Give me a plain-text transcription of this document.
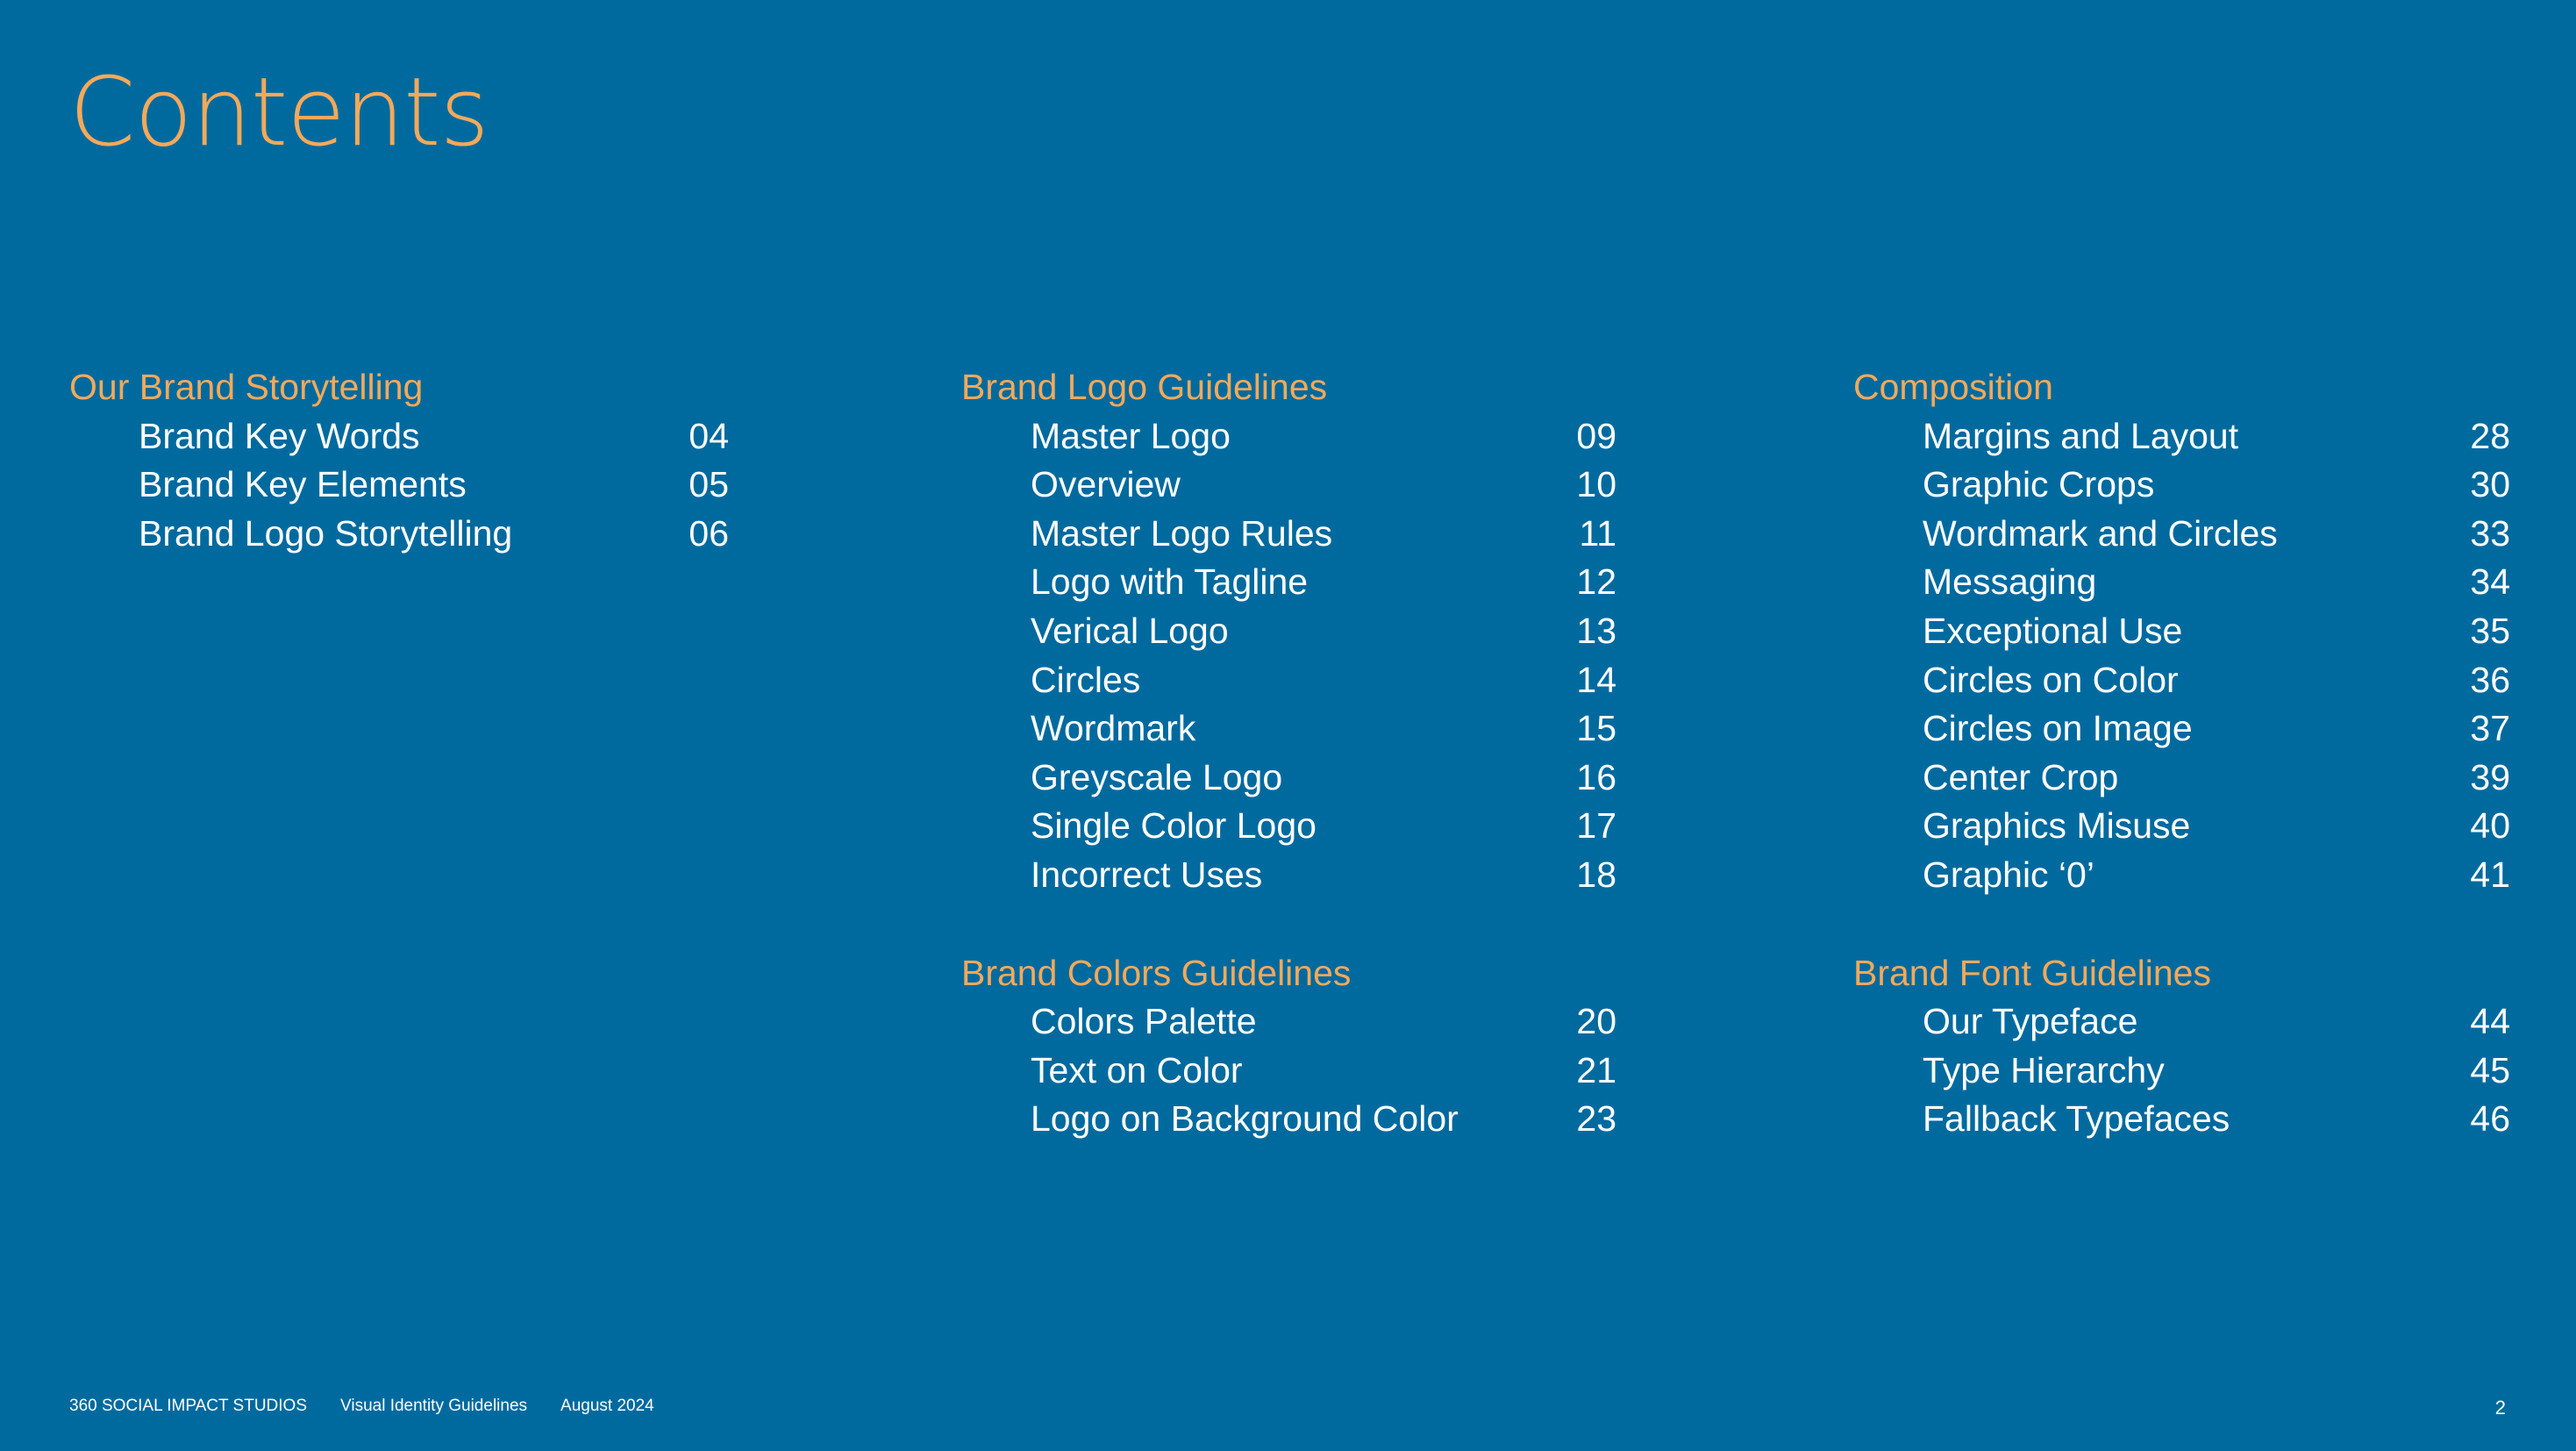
Contents
Our Brand Storytelling
Brand Key Words	04
Brand Key Elements	05
Brand Logo Storytelling	06
Brand Logo Guidelines
Master Logo	09
Overview	10
Master Logo Rules	11
Logo with Tagline	12
Verical Logo	13
Circles	14
Wordmark	15
Greyscale Logo	16
Single Color Logo	17
Incorrect Uses	18
Brand Colors Guidelines
Colors Palette	20
Text on Color	21
Logo on Background Color	23
Composition
Margins and Layout	28
Graphic Crops	30
Wordmark and Circles	33
Messaging	34
Exceptional Use	35
Circles on Color	36
Circles on Image	37
Center Crop	39
Graphics Misuse	40
Graphic ‘0’	41
Brand Font Guidelines
Our Typeface	44
Type Hierarchy	45
Fallback Typefaces	46
360 SOCIAL IMPACT STUDIOS Visual Identity Guidelines August 2024	2
